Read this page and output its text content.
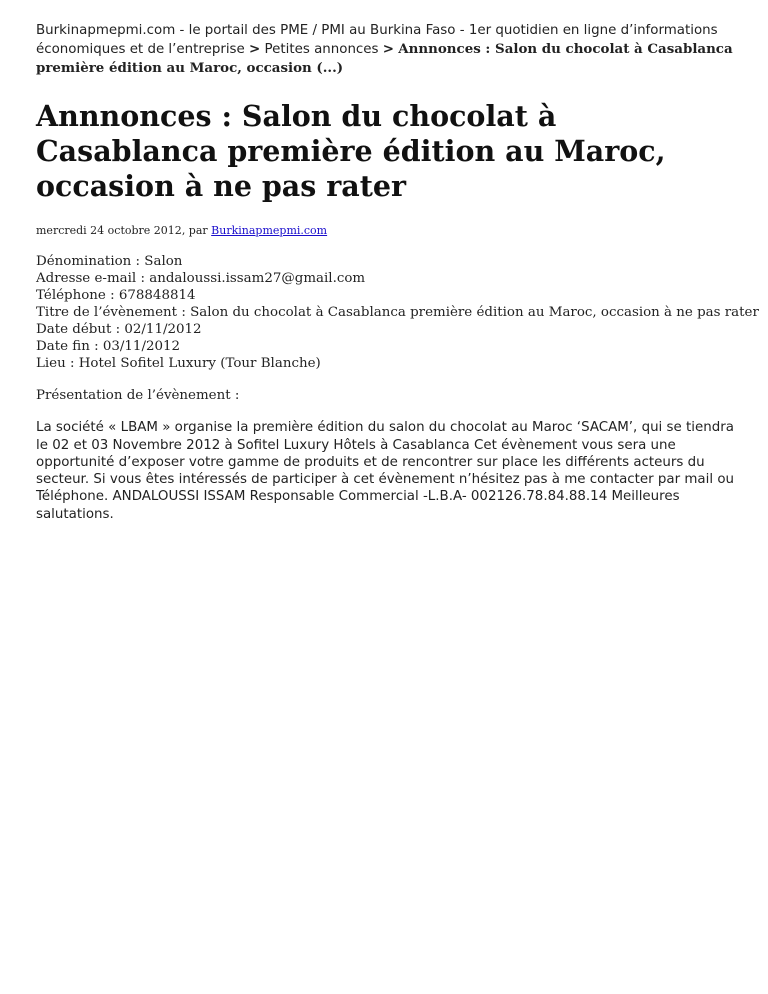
Burkinapmepmi.com - le portail des PME / PMI au Burkina Faso - 1er quotidien en ligne d’informations économiques et de l’entreprise > Petites annonces > Annnonces : Salon du chocolat à Casablanca première édition au Maroc, occasion (...)
Annnonces : Salon du chocolat à Casablanca première édition au Maroc, occasion à ne pas rater
mercredi 24 octobre 2012, par Burkinapmepmi.com
Dénomination : Salon
Adresse e-mail : andaloussi.issam27@gmail.com
Téléphone : 678848814
Titre de l’évènement : Salon du chocolat à Casablanca première édition au Maroc, occasion à ne pas rater
Date début : 02/11/2012
Date fin : 03/11/2012
Lieu : Hotel Sofitel Luxury (Tour Blanche)
Présentation de l’évènement :
La société « LBAM » organise la première édition du salon du chocolat au Maroc ‘SACAM’, qui se tiendra le 02 et 03 Novembre 2012 à Sofitel Luxury Hôtels à Casablanca Cet évènement vous sera une opportunité d’exposer votre gamme de produits et de rencontrer sur place les différents acteurs du secteur. Si vous êtes intéressés de participer à cet évènement n’hésitez pas à me contacter par mail ou Téléphone. ANDALOUSSI ISSAM Responsable Commercial -L.B.A- 002126.78.84.88.14 Meilleures salutations.
